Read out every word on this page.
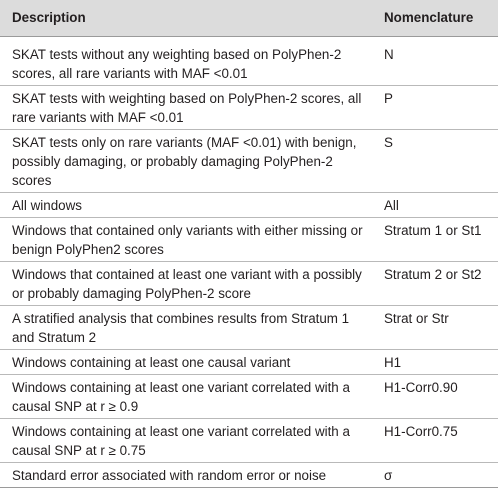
Description	Nomenclature
SKAT tests without any weighting based on PolyPhen-2 scores, all rare variants with MAF <0.01	N
SKAT tests with weighting based on PolyPhen-2 scores, all rare variants with MAF <0.01	P
SKAT tests only on rare variants (MAF <0.01) with benign, possibly damaging, or probably damaging PolyPhen-2 scores	S
All windows	All
Windows that contained only variants with either missing or benign PolyPhen2 scores	Stratum 1 or St1
Windows that contained at least one variant with a possibly or probably damaging PolyPhen-2 score	Stratum 2 or St2
A stratified analysis that combines results from Stratum 1 and Stratum 2	Strat or Str
Windows containing at least one causal variant	H1
Windows containing at least one variant correlated with a causal SNP at r ≥ 0.9	H1-Corr0.90
Windows containing at least one variant correlated with a causal SNP at r ≥ 0.75	H1-Corr0.75
Standard error associated with random error or noise	σ
